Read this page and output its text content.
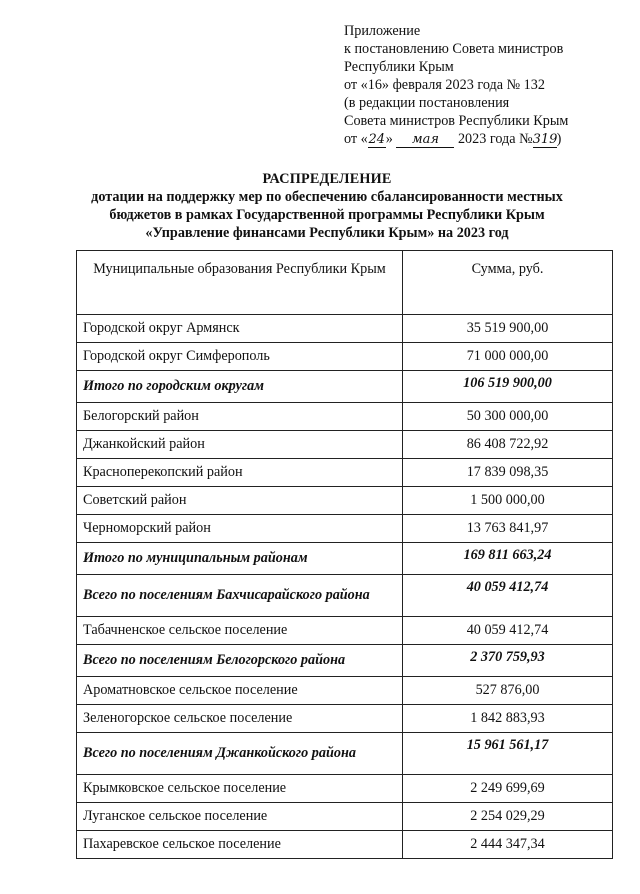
Приложение
к постановлению Совета министров
Республики Крым
от «16» февраля 2023 года № 132
(в редакции постановления
Совета министров Республики Крым
от «24» мая 2023 года №319)
РАСПРЕДЕЛЕНИЕ
дотации на поддержку мер по обеспечению сбалансированности местных
бюджетов в рамках Государственной программы Республики Крым
«Управление финансами Республики Крым» на 2023 год
Муниципальные образования Республики Крым	Сумма, руб.
Городской округ Армянск	35 519 900,00
Городской округ Симферополь	71 000 000,00
Итого по городским округам	106 519 900,00
Белогорский район	50 300 000,00
Джанкойский район	86 408 722,92
Красноперекопский район	17 839 098,35
Советский район	1 500 000,00
Черноморский район	13 763 841,97
Итого по муниципальным районам	169 811 663,24
Всего по поселениям Бахчисарайского района	40 059 412,74
Табачненское сельское поселение	40 059 412,74
Всего по поселениям Белогорского района	2 370 759,93
Ароматновское сельское поселение	527 876,00
Зеленогорское сельское поселение	1 842 883,93
Всего по поселениям Джанкойского района	15 961 561,17
Крымковское сельское поселение	2 249 699,69
Луганское сельское поселение	2 254 029,29
Пахаревское сельское поселение	2 444 347,34
